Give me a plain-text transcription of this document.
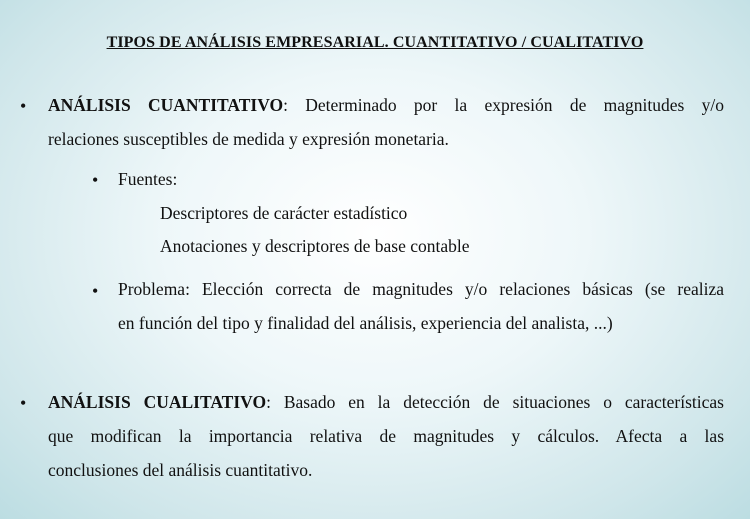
TIPOS DE ANÁLISIS EMPRESARIAL. CUANTITATIVO / CUALITATIVO
• ANÁLISIS CUANTITATIVO: Determinado por la expresión de magnitudes y/o
relaciones susceptibles de medida y expresión monetaria.
• Fuentes:
Descriptores de carácter estadístico
Anotaciones y descriptores de base contable
• Problema: Elección correcta de magnitudes y/o relaciones básicas (se realiza
en función del tipo y finalidad del análisis, experiencia del analista, ...)
• ANÁLISIS CUALITATIVO: Basado en la detección de situaciones o características
que modifican la importancia relativa de magnitudes y cálculos. Afecta a las
conclusiones del análisis cuantitativo.
